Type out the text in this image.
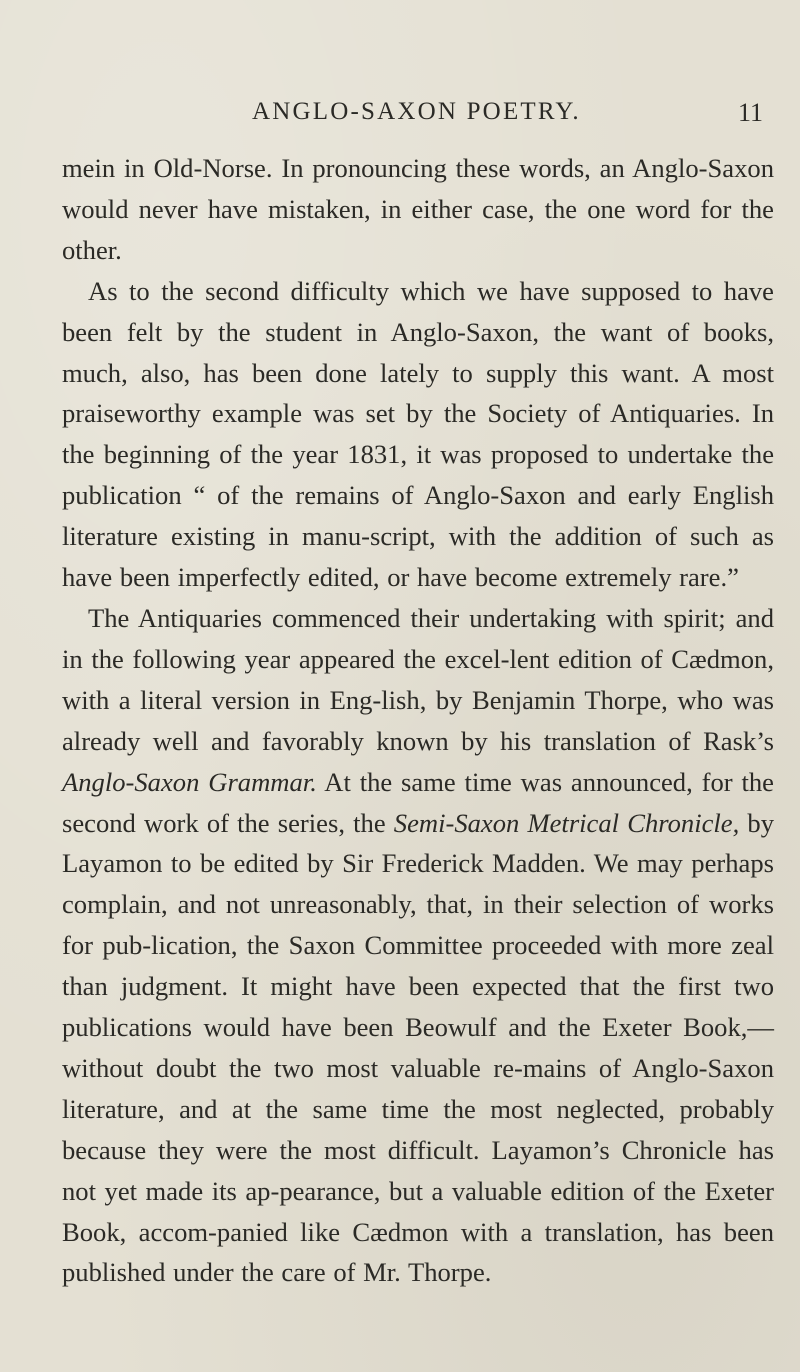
ANGLO-SAXON POETRY.	11

mein in Old-Norse. In pronouncing these words, an Anglo-Saxon would never have mistaken, in either case, the one word for the other.

As to the second difficulty which we have supposed to have been felt by the student in Anglo-Saxon, the want of books, much, also, has been done lately to supply this want. A most praiseworthy example was set by the Society of Antiquaries. In the beginning of the year 1831, it was proposed to undertake the publication “ of the remains of Anglo-Saxon and early English literature existing in manu-script, with the addition of such as have been imperfectly edited, or have become extremely rare.”

The Antiquaries commenced their undertaking with spirit; and in the following year appeared the excel-lent edition of Cædmon, with a literal version in Eng-lish, by Benjamin Thorpe, who was already well and favorably known by his translation of Rask’s Anglo-Saxon Grammar. At the same time was announced, for the second work of the series, the Semi-Saxon Metrical Chronicle, by Layamon to be edited by Sir Frederick Madden. We may perhaps complain, and not unreasonably, that, in their selection of works for pub-lication, the Saxon Committee proceeded with more zeal than judgment. It might have been expected that the first two publications would have been Beowulf and the Exeter Book,—without doubt the two most valuable re-mains of Anglo-Saxon literature, and at the same time the most neglected, probably because they were the most difficult. Layamon’s Chronicle has not yet made its ap-pearance, but a valuable edition of the Exeter Book, accom-panied like Cædmon with a translation, has been published under the care of Mr. Thorpe.
